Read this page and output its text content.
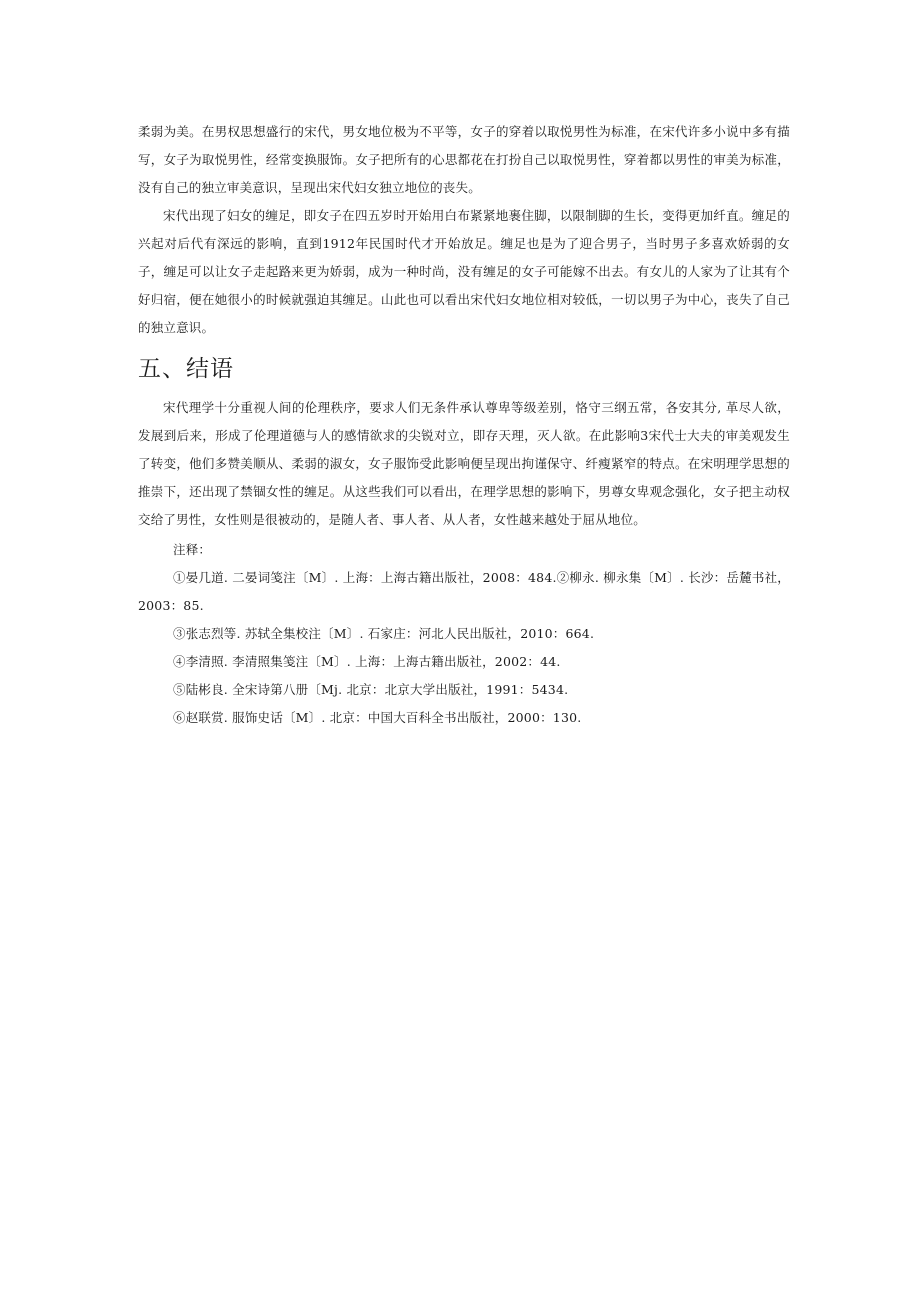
柔弱为美。在男权思想盛行的宋代，男女地位极为不平等，女子的穿着以取悦男性为标准，在宋代许多小说中多有描写，女子为取悦男性，经常变换服饰。女子把所有的心思都花在打扮自己以取悦男性，穿着都以男性的审美为标准，没有自己的独立审美意识，呈现出宋代妇女独立地位的丧失。

宋代出现了妇女的缠足，即女子在四五岁时开始用白布紧紧地裹住脚，以限制脚的生长，变得更加纤直。缠足的兴起对后代有深远的影响，直到1912年民国时代才开始放足。缠足也是为了迎合男子，当时男子多喜欢娇弱的女子，缠足可以让女子走起路来更为娇弱，成为一种时尚，没有缠足的女子可能嫁不出去。有女儿的人家为了让其有个好归宿，便在她很小的时候就强迫其缠足。山此也可以看出宋代妇女地位相对较低，一切以男子为中心，丧失了自己的独立意识。

五、结语

宋代理学十分重视人间的伦理秩序，要求人们无条件承认尊卑等级差别，恪守三纲五常，各安其分, 革尽人欲，发展到后来，形成了伦理道德与人的感情欲求的尖锐对立，即存天理，灭人欲。在此影响3宋代士大夫的审美观发生了转变，他们多赞美顺从、柔弱的淑女，女子服饰受此影响便呈现出拘谨保守、纤瘦紧窄的特点。在宋明理学思想的推崇下，还出现了禁锢女性的缠足。从这些我们可以看出，在理学思想的影响下，男尊女卑观念强化，女子把主动权交给了男性，女性则是很被动的，是随人者、事人者、从人者，女性越来越处于屈从地位。

注释：

①晏几道. 二晏词笺注〔M〕. 上海：上海古籍出版社，2008：484.②柳永. 柳永集〔M〕. 长沙：岳麓书社，2003：85.

③张志烈等. 苏轼全集校注〔M〕. 石家庄：河北人民出版社，2010：664.

④李清照. 李清照集笺注〔M〕. 上海：上海古籍出版社，2002：44.

⑤陆彬良. 全宋诗第八册〔Mj. 北京：北京大学出版社，1991：5434.

⑥赵联赏. 服饰史话〔M〕. 北京：中国大百科全书出版社，2000：130.
